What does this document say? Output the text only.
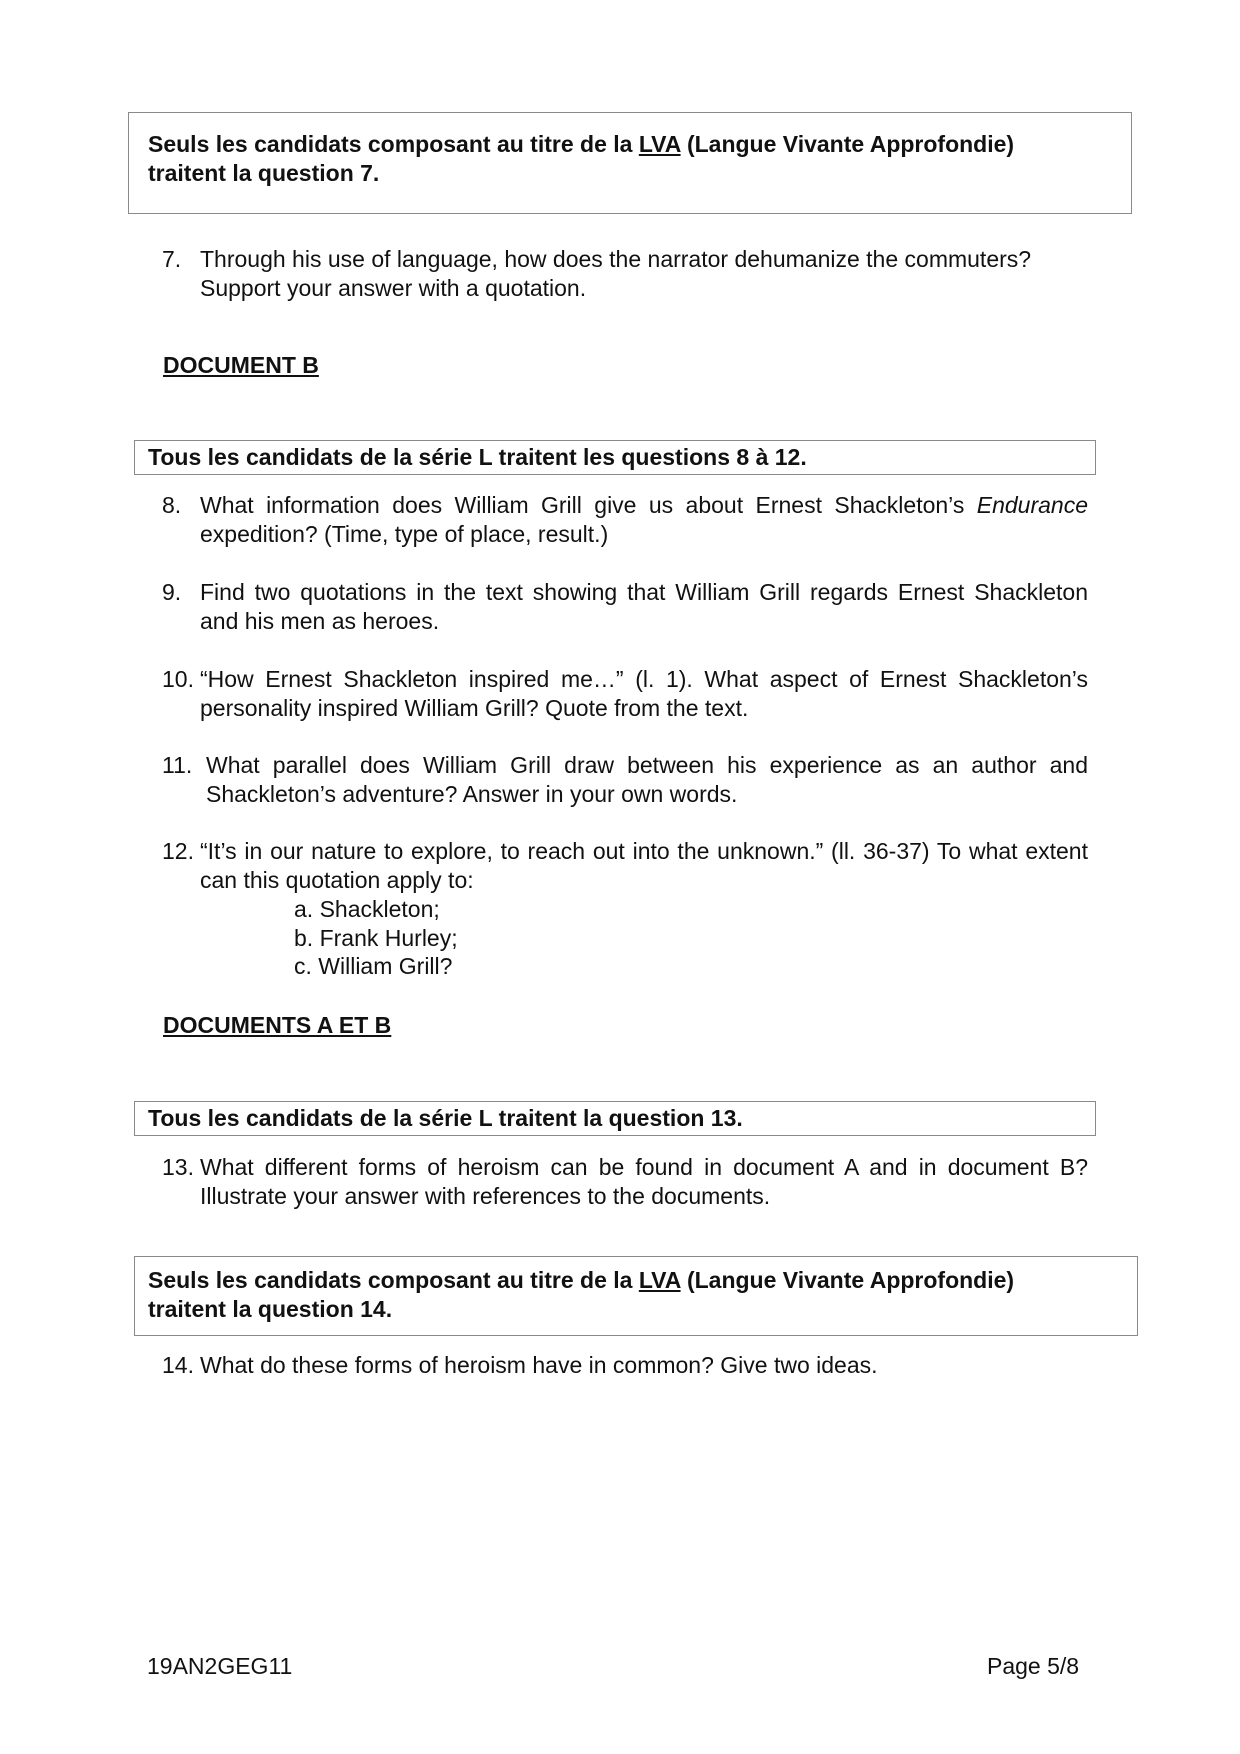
Seuls les candidats composant au titre de la LVA (Langue Vivante Approfondie)
traitent la question 7.
7. Through his use of language, how does the narrator dehumanize the commuters?
Support your answer with a quotation.
DOCUMENT B
Tous les candidats de la série L traitent les questions 8 à 12.
8. What information does William Grill give us about Ernest Shackleton’s Endurance expedition? (Time, type of place, result.)
9. Find two quotations in the text showing that William Grill regards Ernest Shackleton and his men as heroes.
10. “How Ernest Shackleton inspired me…” (l. 1). What aspect of Ernest Shackleton’s personality inspired William Grill? Quote from the text.
11. What parallel does William Grill draw between his experience as an author and Shackleton’s adventure? Answer in your own words.
12. “It’s in our nature to explore, to reach out into the unknown.” (ll. 36-37) To what extent can this quotation apply to:
a. Shackleton;
b. Frank Hurley;
c. William Grill?
DOCUMENTS A ET B
Tous les candidats de la série L traitent la question 13.
13. What different forms of heroism can be found in document A and in document B? Illustrate your answer with references to the documents.
Seuls les candidats composant au titre de la LVA (Langue Vivante Approfondie)
traitent la question 14.
14. What do these forms of heroism have in common? Give two ideas.
19AN2GEG11	Page 5/8
